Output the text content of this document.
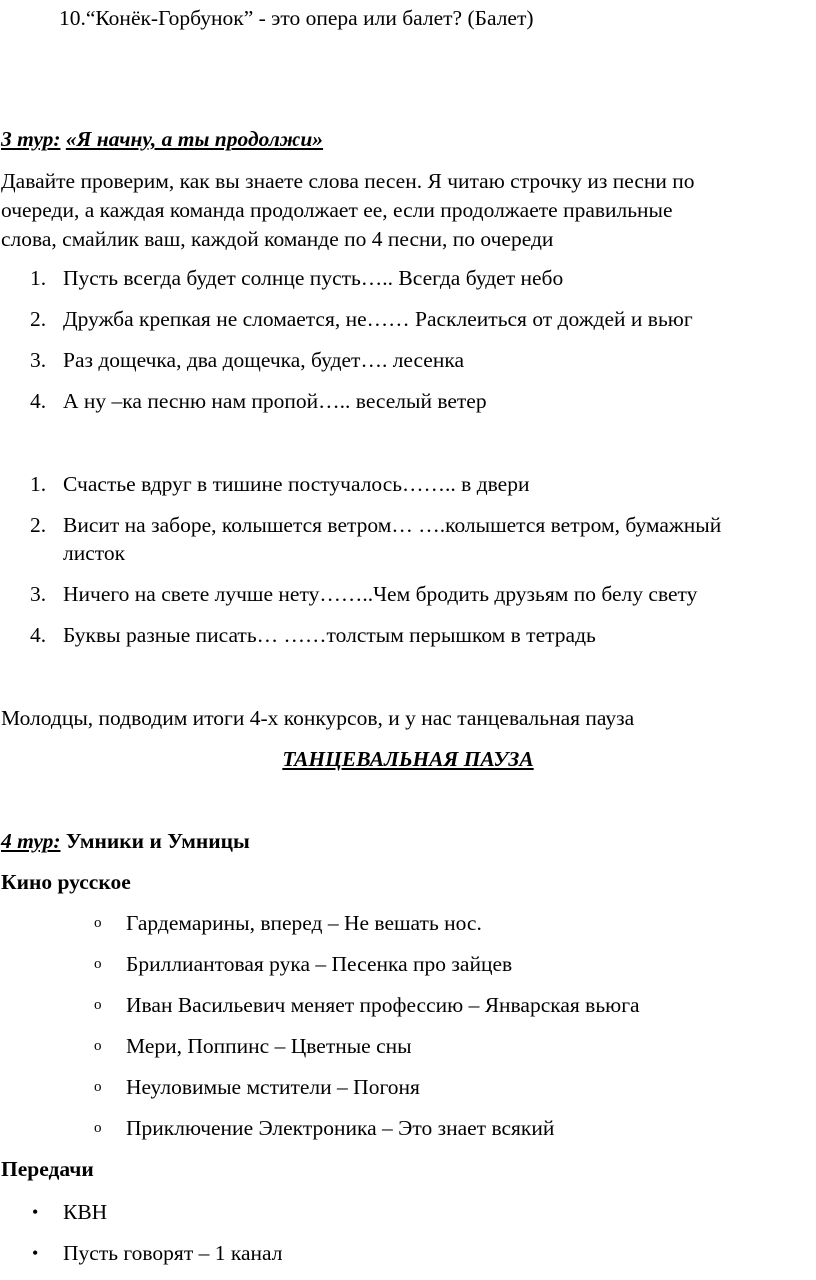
10.“Конёк-Горбунок” - это опера или балет? (Балет)
3 тур: «Я начну, а ты продолжи»
Давайте проверим, как вы знаете слова песен. Я читаю строчку из песни по
очереди, а каждая команда продолжает ее, если продолжаете правильные
слова, смайлик ваш, каждой команде по 4 песни, по очереди
1. Пусть всегда будет солнце пусть….. Всегда будет небо
2. Дружба крепкая не сломается, не…… Расклеиться от дождей и вьюг
3. Раз дощечка, два дощечка, будет…. лесенка
4. А ну –ка песню нам пропой….. веселый ветер
1. Счастье вдруг в тишине постучалось…….. в двери
2. Висит на заборе, колышется ветром… ….колышется ветром, бумажный
листок
3. Ничего на свете лучше нету……..Чем бродить друзьям по белу свету
4. Буквы разные писать… ……толстым перышком в тетрадь
Молодцы, подводим итоги 4-х конкурсов, и у нас танцевальная пауза
ТАНЦЕВАЛЬНАЯ ПАУЗА
4 тур: Умники и Умницы
Кино русское
o Гардемарины, вперед – Не вешать нос.
o Бриллиантовая рука – Песенка про зайцев
o Иван Васильевич меняет профессию – Январская вьюга
o Мери, Поппинс – Цветные сны
o Неуловимые мстители – Погоня
o Приключение Электроника – Это знает всякий
Передачи
• КВН
• Пусть говорят – 1 канал
